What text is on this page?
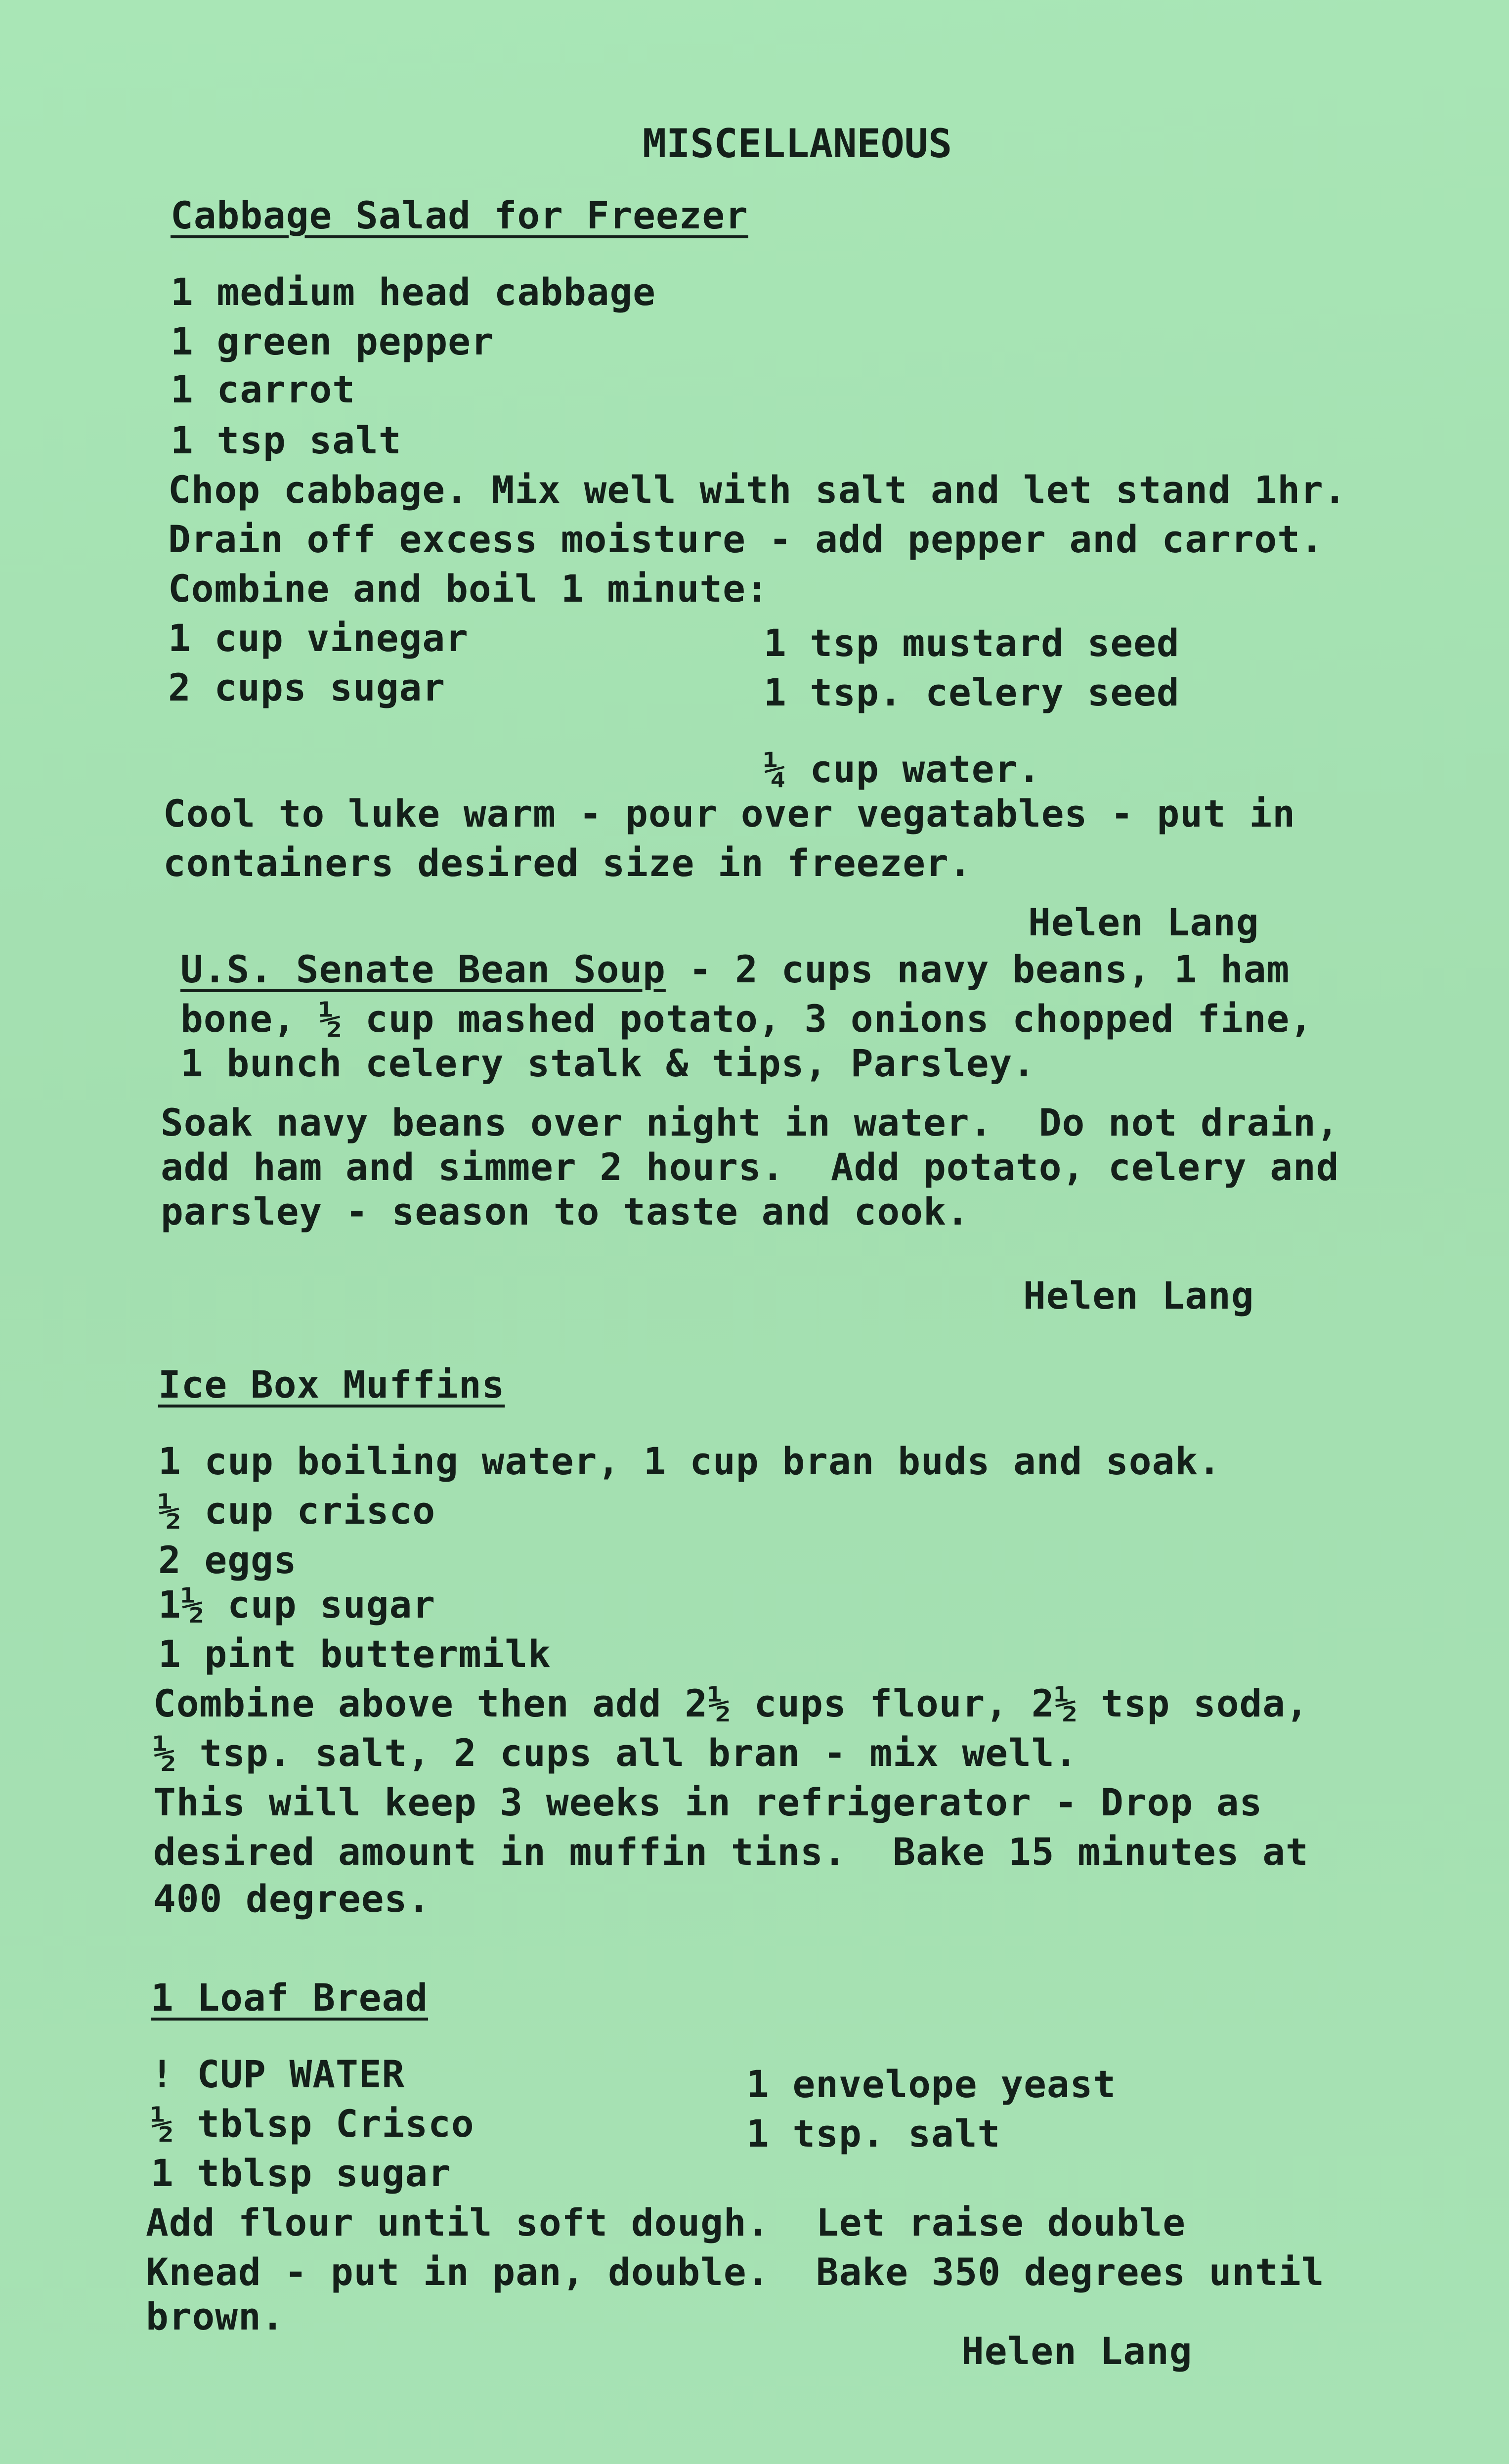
MISCELLANEOUS
Cabbage Salad for Freezer
1 medium head cabbage
1 green pepper
1 carrot
1 tsp salt
Chop cabbage. Mix well with salt and let stand 1hr.
Drain off excess moisture - add pepper and carrot.
Combine and boil 1 minute:
1 cup vinegar	1 tsp mustard seed
2 cups sugar	1 tsp. celery seed
¼ cup water.
Cool to luke warm - pour over vegatables - put in
containers desired size in freezer.
Helen Lang
U.S. Senate Bean Soup - 2 cups navy beans, 1 ham
bone, ½ cup mashed potato, 3 onions chopped fine,
1 bunch celery stalk & tips, Parsley.
Soak navy beans over night in water.  Do not drain,
add ham and simmer 2 hours.  Add potato, celery and
parsley - season to taste and cook.
Helen Lang
Ice Box Muffins
1 cup boiling water, 1 cup bran buds and soak.
½ cup crisco
2 eggs
1½ cup sugar
1 pint buttermilk
Combine above then add 2½ cups flour, 2½ tsp soda,
½ tsp. salt, 2 cups all bran - mix well.
This will keep 3 weeks in refrigerator - Drop as
desired amount in muffin tins.  Bake 15 minutes at
400 degrees.
1 Loaf Bread
! CUP WATER	1 envelope yeast
½ tblsp Crisco	1 tsp. salt
1 tblsp sugar
Add flour until soft dough.  Let raise double
Knead - put in pan, double.  Bake 350 degrees until
brown.
Helen Lang
